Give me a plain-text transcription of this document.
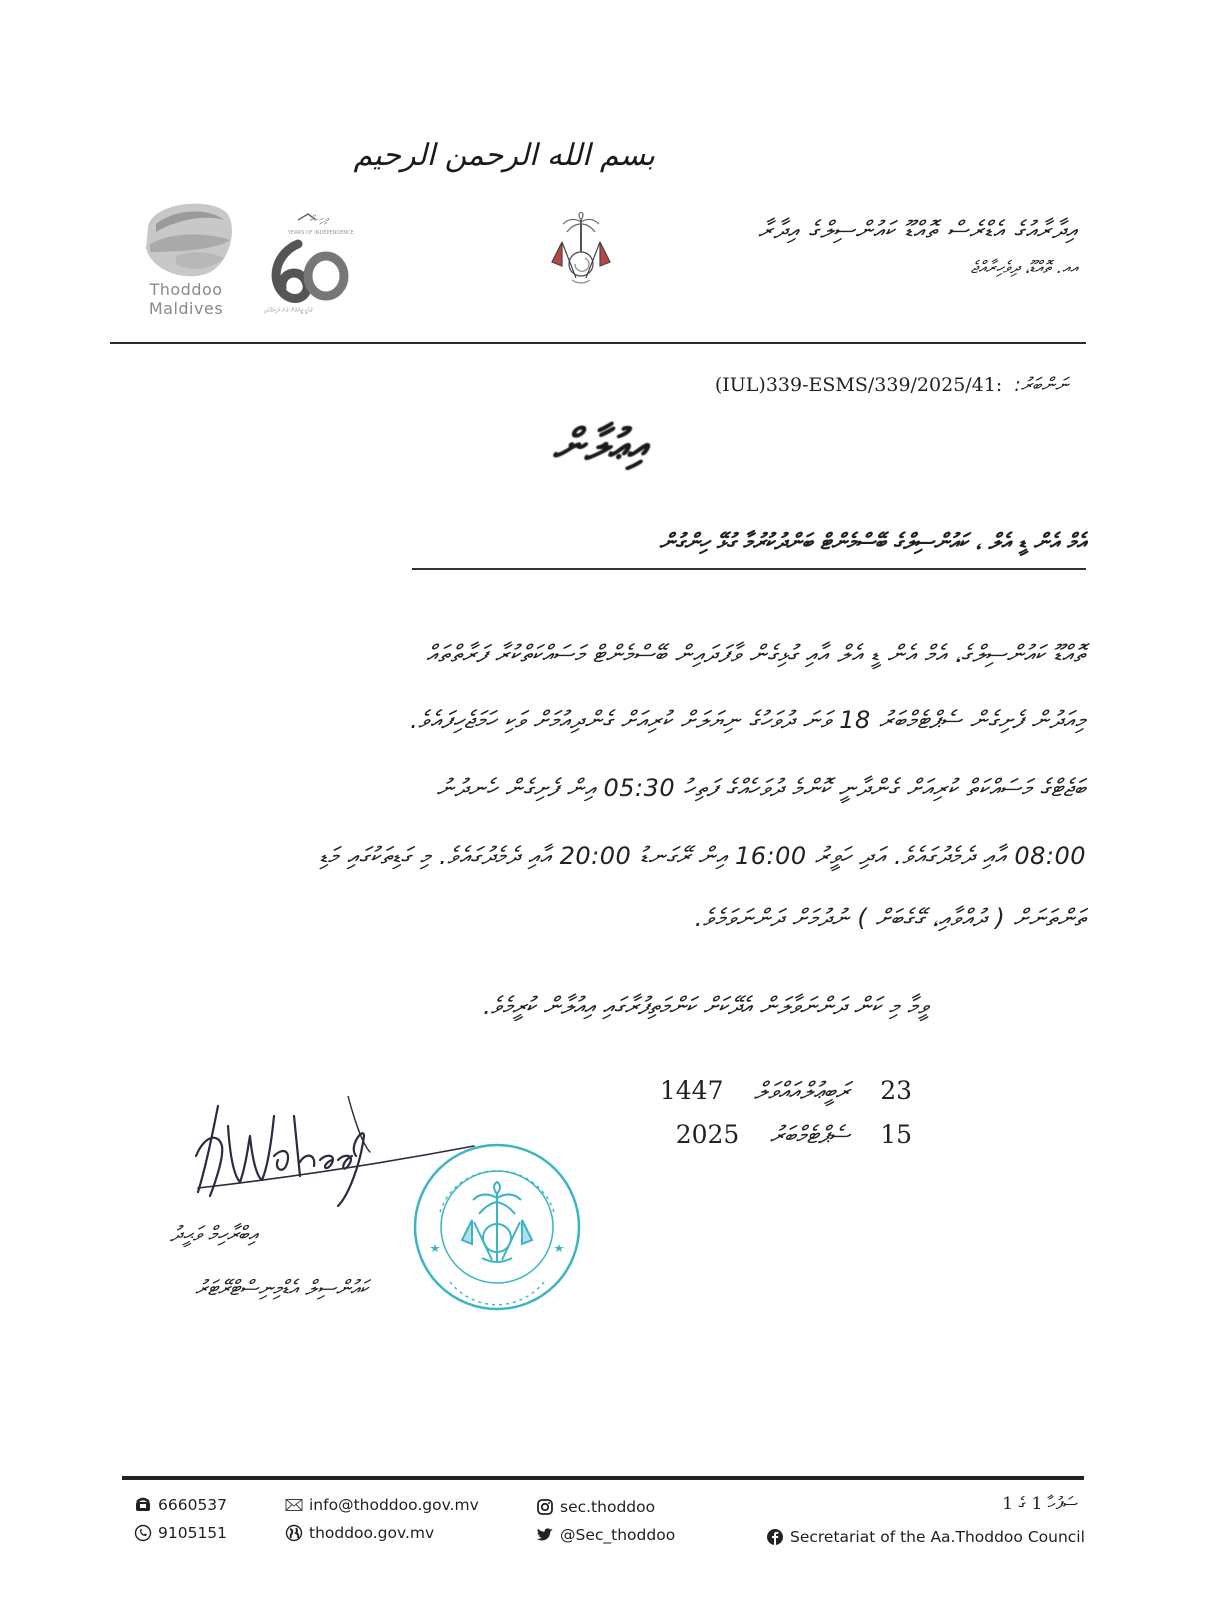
بسم الله الرحمن الرحيم
އިދާރާއުގެ އެޑްރެސް ތޮއްޑޫ ކައުންސިލްގެ އިދާރާ
އއ. ތޮއްޑޫ، ދިވެހިރާއްޖެ
ދިހިސް
YEARS OF INDEPENDENCE
ޤައުމީ ވީރުވުން ވަނަ ފަހިމަގުގައި
Thoddoo
Maldives
ނަންބަރު: (IUL)339-ESMS/339/2025/41:
އިޢުލާން
އެމް އެން ޑީ އެލް ، ކައުންސިލްގެ ބޭސްމެންޓް ބަންދުކުރުމާ ގުޅޭ ހިންގުން
ތޮއްޑޫ ކައުންސިލްގެ، އެމް އެން ޑީ އެލް އާއި ގުޅިގެން ވާފަދައިން ބޭސްމެންޓް މަސައްކަތްކުރާ ފަރާތްތައް
މިއަދުން ފެށިގެން ސެޕްޓެމްބަރު 18 ވަނަ ދުވަހުގެ ނިޔަލަށް ކުރިއަށް ގެންދިއުމަށް ވަކި ހަމަޖެހިފައެވެ.
ބަޖެޓްގެ މަސައްކަތް ކުރިއަށް ގެންދާނީ ކޮންމެ ދުވަހެއްގެ ފަތިހު 05:30 އިން ފެށިގެން ހެނދުނު
08:00 އާއި ދެމެދުގައެވެ. އަދި ހަވީރު 16:00 އިން ރޭގަނޑު 20:00 އާއި ދެމެދުގައެވެ. މި ގަޑިތަކުގައި މަޑި
ތަންތަނަށް ( ދުއްވާއި، ގޭގެބަށް ) ނުދުމަށް ދަންނަވަމެވެ.
ވީމާ މި ކަން ދަންނަވާލަން އެދޭކަށް ކަންމަތިފުރާގައި އިއުލާން ކުރީމެވެ.
23    ރަބީޢުލްއައްވަލް    1447
15    ސެޕްޓެމްބަރު    2025
އިބްރާހިމް ވަޙީދު
ކައުންސިލް އެޑްމިނިސްޓްރޭޓަރު
6660537
9105151
info@thoddoo.gov.mv
thoddoo.gov.mv
sec.thoddoo
@Sec_thoddoo	Secretariat of the Aa.Thoddoo Council
ސަފުހާ 1 ގެ 1
